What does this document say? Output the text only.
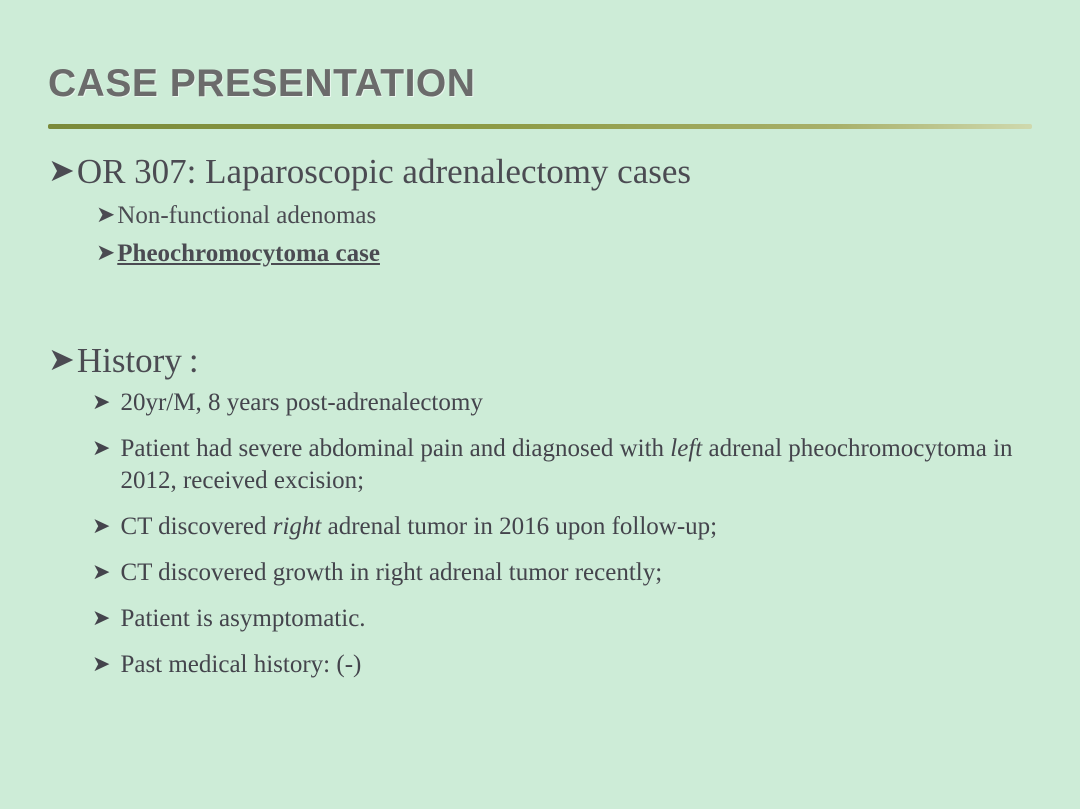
CASE PRESENTATION
➤ OR 307: Laparoscopic adrenalectomy cases
➤ Non-functional adenomas
➤ Pheochromocytoma case
➤ History :
➤ 20yr/M, 8 years post-adrenalectomy
➤ Patient had severe abdominal pain and diagnosed with left adrenal pheochromocytoma in 2012, received excision;
➤ CT discovered right adrenal tumor in 2016 upon follow-up;
➤ CT discovered growth in right adrenal tumor recently;
➤ Patient is asymptomatic.
➤ Past medical history: (-)
